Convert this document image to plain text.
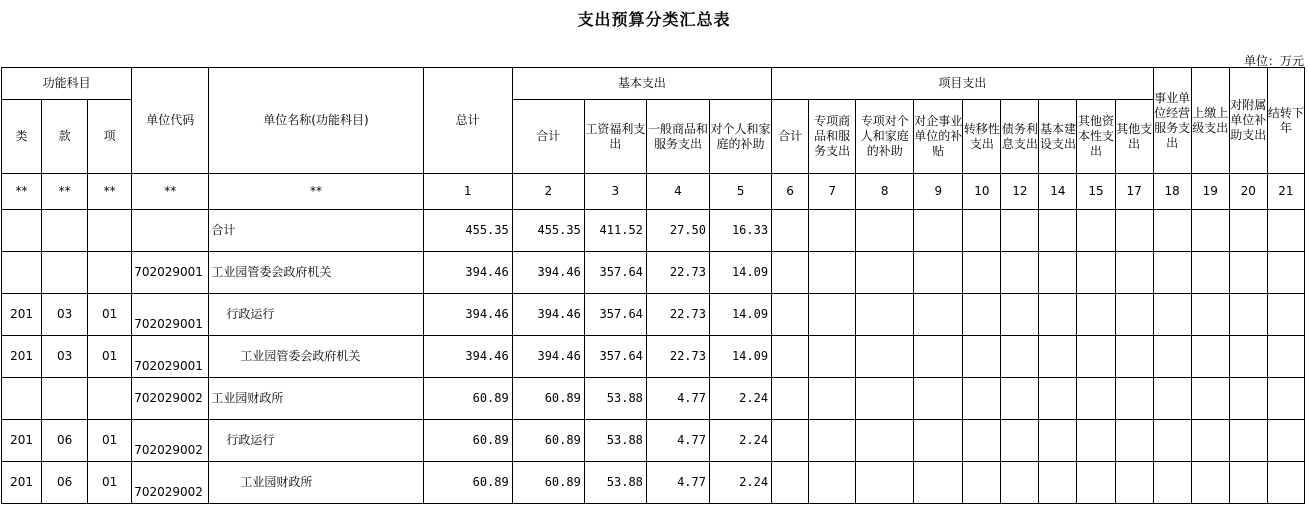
支出预算分类汇总表
单位：万元
功能科目			单位代码	单位名称(功能科目)	总计	基本支出				项目支出									事业单位经营服务支出	上缴上级支出	对附属单位补助支出	结转下年
类	款	项				合计	工资福利支出	一般商品和服务支出	对个人和家庭的补助	合计	专项商品和服务支出	专项对个人和家庭的补助	对企事业单位的补贴	转移性支出	债务利息支出	基本建设支出	其他资本性支出	其他支出				
**	**	**	**	**	1	2	3	4	5	6	7	8	9	10	12	14	15	17	18	19	20	21
				合计	455.35	455.35	411.52	27.50	16.33													
			702029001	工业园管委会政府机关	394.46	394.46	357.64	22.73	14.09													
201	03	01	702029001	行政运行	394.46	394.46	357.64	22.73	14.09													
201	03	01	702029001	工业园管委会政府机关	394.46	394.46	357.64	22.73	14.09													
			702029002	工业园财政所	60.89	60.89	53.88	4.77	2.24													
201	06	01	702029002	行政运行	60.89	60.89	53.88	4.77	2.24													
201	06	01	702029002	工业园财政所	60.89	60.89	53.88	4.77	2.24													
